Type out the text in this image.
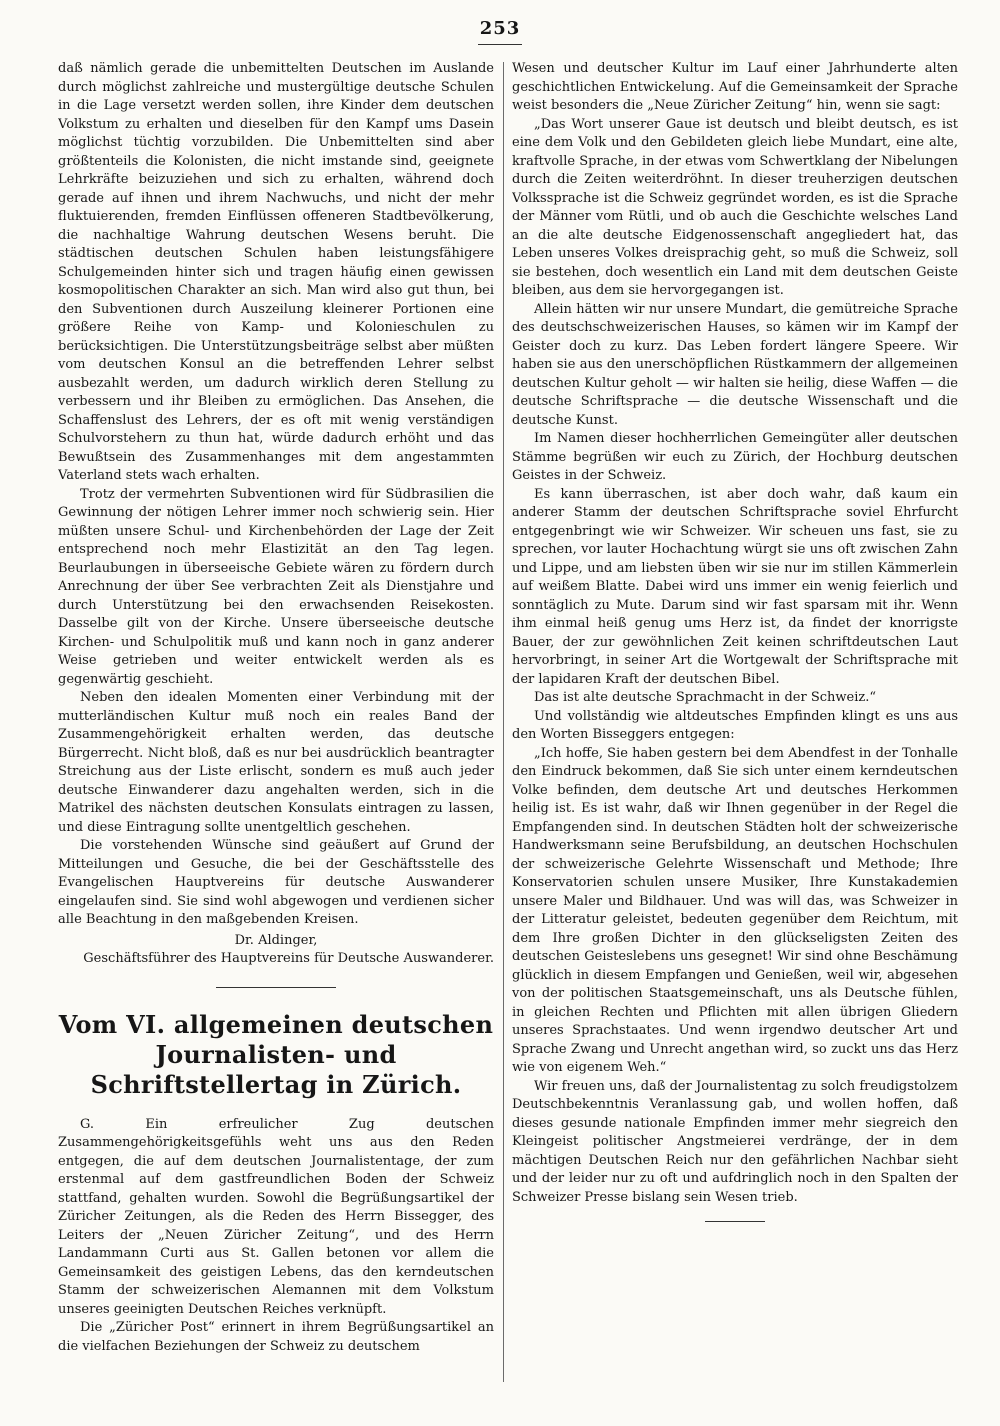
253

daß nämlich gerade die unbemittelten Deutschen im Auslande durch möglichst zahlreiche und mustergültige deutsche Schulen in die Lage versetzt werden sollen, ihre Kinder dem deutschen Volkstum zu erhalten und dieselben für den Kampf ums Dasein möglichst tüchtig vorzubilden. Die Unbemittelten sind aber größtenteils die Kolonisten, die nicht imstande sind, geeignete Lehrkräfte beizuziehen und sich zu erhalten, während doch gerade auf ihnen und ihrem Nachwuchs, und nicht der mehr fluktuierenden, fremden Einflüssen offeneren Stadtbevölkerung, die nachhaltige Wahrung deutschen Wesens beruht. Die städtischen deutschen Schulen haben leistungsfähigere Schulgemeinden hinter sich und tragen häufig einen gewissen kosmopolitischen Charakter an sich. Man wird also gut thun, bei den Subventionen durch Auszeilung kleinerer Portionen eine größere Reihe von Kamp- und Kolonieschulen zu berücksichtigen. Die Unterstützungsbeiträge selbst aber müßten vom deutschen Konsul an die betreffenden Lehrer selbst ausbezahlt werden, um dadurch wirklich deren Stellung zu verbessern und ihr Bleiben zu ermöglichen. Das Ansehen, die Schaffenslust des Lehrers, der es oft mit wenig verständigen Schulvorstehern zu thun hat, würde dadurch erhöht und das Bewußtsein des Zusammenhanges mit dem angestammten Vaterland stets wach erhalten.

Trotz der vermehrten Subventionen wird für Südbrasilien die Gewinnung der nötigen Lehrer immer noch schwierig sein. Hier müßten unsere Schul- und Kirchenbehörden der Lage der Zeit entsprechend noch mehr Elastizität an den Tag legen. Beurlaubungen in überseeische Gebiete wären zu fördern durch Anrechnung der über See verbrachten Zeit als Dienstjahre und durch Unterstützung bei den erwachsenden Reisekosten. Dasselbe gilt von der Kirche. Unsere überseeische deutsche Kirchen- und Schulpolitik muß und kann noch in ganz anderer Weise getrieben und weiter entwickelt werden als es gegenwärtig geschieht.

Neben den idealen Momenten einer Verbindung mit der mutterländischen Kultur muß noch ein reales Band der Zusammengehörigkeit erhalten werden, das deutsche Bürgerrecht. Nicht bloß, daß es nur bei ausdrücklich beantragter Streichung aus der Liste erlischt, sondern es muß auch jeder deutsche Einwanderer dazu angehalten werden, sich in die Matrikel des nächsten deutschen Konsulats eintragen zu lassen, und diese Eintragung sollte unentgeltlich geschehen.

Die vorstehenden Wünsche sind geäußert auf Grund der Mitteilungen und Gesuche, die bei der Geschäftsstelle des Evangelischen Hauptvereins für deutsche Auswanderer eingelaufen sind. Sie sind wohl abgewogen und verdienen sicher alle Beachtung in den maßgebenden Kreisen.

Dr. Aldinger,
Geschäftsführer des Hauptvereins für Deutsche Auswanderer.
Vom VI. allgemeinen deutschen
Journalisten- und Schriftstellertag in Zürich.

G. Ein erfreulicher Zug deutschen Zusammengehörigkeitsgefühls weht uns aus den Reden entgegen, die auf dem deutschen Journalistentage, der zum erstenmal auf dem gastfreundlichen Boden der Schweiz stattfand, gehalten wurden. Sowohl die Begrüßungsartikel der Züricher Zeitungen, als die Reden des Herrn Bissegger, des Leiters der „Neuen Züricher Zeitung“, und des Herrn Landammann Curti aus St. Gallen betonen vor allem die Gemeinsamkeit des geistigen Lebens, das den kerndeutschen Stamm der schweizerischen Alemannen mit dem Volkstum unseres geeinigten Deutschen Reiches verknüpft.

Die „Züricher Post“ erinnert in ihrem Begrüßungsartikel an die vielfachen Beziehungen der Schweiz zu deutschem

Wesen und deutscher Kultur im Lauf einer Jahrhunderte alten geschichtlichen Entwickelung. Auf die Gemeinsamkeit der Sprache weist besonders die „Neue Züricher Zeitung“ hin, wenn sie sagt:

„Das Wort unserer Gaue ist deutsch und bleibt deutsch, es ist eine dem Volk und den Gebildeten gleich liebe Mundart, eine alte, kraftvolle Sprache, in der etwas vom Schwertklang der Nibelungen durch die Zeiten weiterdröhnt. In dieser treuherzigen deutschen Volkssprache ist die Schweiz gegründet worden, es ist die Sprache der Männer vom Rütli, und ob auch die Geschichte welsches Land an die alte deutsche Eidgenossenschaft angegliedert hat, das Leben unseres Volkes dreisprachig geht, so muß die Schweiz, soll sie bestehen, doch wesentlich ein Land mit dem deutschen Geiste bleiben, aus dem sie hervorgegangen ist.

Allein hätten wir nur unsere Mundart, die gemütreiche Sprache des deutschschweizerischen Hauses, so kämen wir im Kampf der Geister doch zu kurz. Das Leben fordert längere Speere. Wir haben sie aus den unerschöpflichen Rüstkammern der allgemeinen deutschen Kultur geholt — wir halten sie heilig, diese Waffen — die deutsche Schriftsprache — die deutsche Wissenschaft und die deutsche Kunst.

Im Namen dieser hochherrlichen Gemeingüter aller deutschen Stämme begrüßen wir euch zu Zürich, der Hochburg deutschen Geistes in der Schweiz.

Es kann überraschen, ist aber doch wahr, daß kaum ein anderer Stamm der deutschen Schriftsprache soviel Ehrfurcht entgegenbringt wie wir Schweizer. Wir scheuen uns fast, sie zu sprechen, vor lauter Hochachtung würgt sie uns oft zwischen Zahn und Lippe, und am liebsten üben wir sie nur im stillen Kämmerlein auf weißem Blatte. Dabei wird uns immer ein wenig feierlich und sonntäglich zu Mute. Darum sind wir fast sparsam mit ihr. Wenn ihm einmal heiß genug ums Herz ist, da findet der knorrigste Bauer, der zur gewöhnlichen Zeit keinen schriftdeutschen Laut hervorbringt, in seiner Art die Wortgewalt der Schriftsprache mit der lapidaren Kraft der deutschen Bibel.

Das ist alte deutsche Sprachmacht in der Schweiz.“

Und vollständig wie altdeutsches Empfinden klingt es uns aus den Worten Bissеggers entgegen:

„Ich hoffe, Sie haben gestern bei dem Abendfest in der Tonhalle den Eindruck bekommen, daß Sie sich unter einem kerndeutschen Volke befinden, dem deutsche Art und deutsches Herkommen heilig ist. Es ist wahr, daß wir Ihnen gegenüber in der Regel die Empfangenden sind. In deutschen Städten holt der schweizerische Handwerksmann seine Berufsbildung, an deutschen Hochschulen der schweizerische Gelehrte Wissenschaft und Methode; Ihre Konservatorien schulen unsere Musiker, Ihre Kunstakademien unsere Maler und Bildhauer. Und was will das, was Schweizer in der Litteratur geleistet, bedeuten gegenüber dem Reichtum, mit dem Ihre großen Dichter in den glückseligsten Zeiten des deutschen Geisteslebens uns gesegnet! Wir sind ohne Beschämung glücklich in diesem Empfangen und Genießen, weil wir, abgesehen von der politischen Staatsgemeinschaft, uns als Deutsche fühlen, in gleichen Rechten und Pflichten mit allen übrigen Gliedern unseres Sprachstaates. Und wenn irgendwo deutscher Art und Sprache Zwang und Unrecht angethan wird, so zuckt uns das Herz wie von eigenem Weh.“

Wir freuen uns, daß der Journalistentag zu solch freudigstolzem Deutschbekenntnis Veranlassung gab, und wollen hoffen, daß dieses gesunde nationale Empfinden immer mehr siegreich den Kleingeist politischer Angstmeierei verdränge, der in dem mächtigen Deutschen Reich nur den gefährlichen Nachbar sieht und der leider nur zu oft und aufdringlich noch in den Spalten der Schweizer Presse bislang sein Wesen trieb.
